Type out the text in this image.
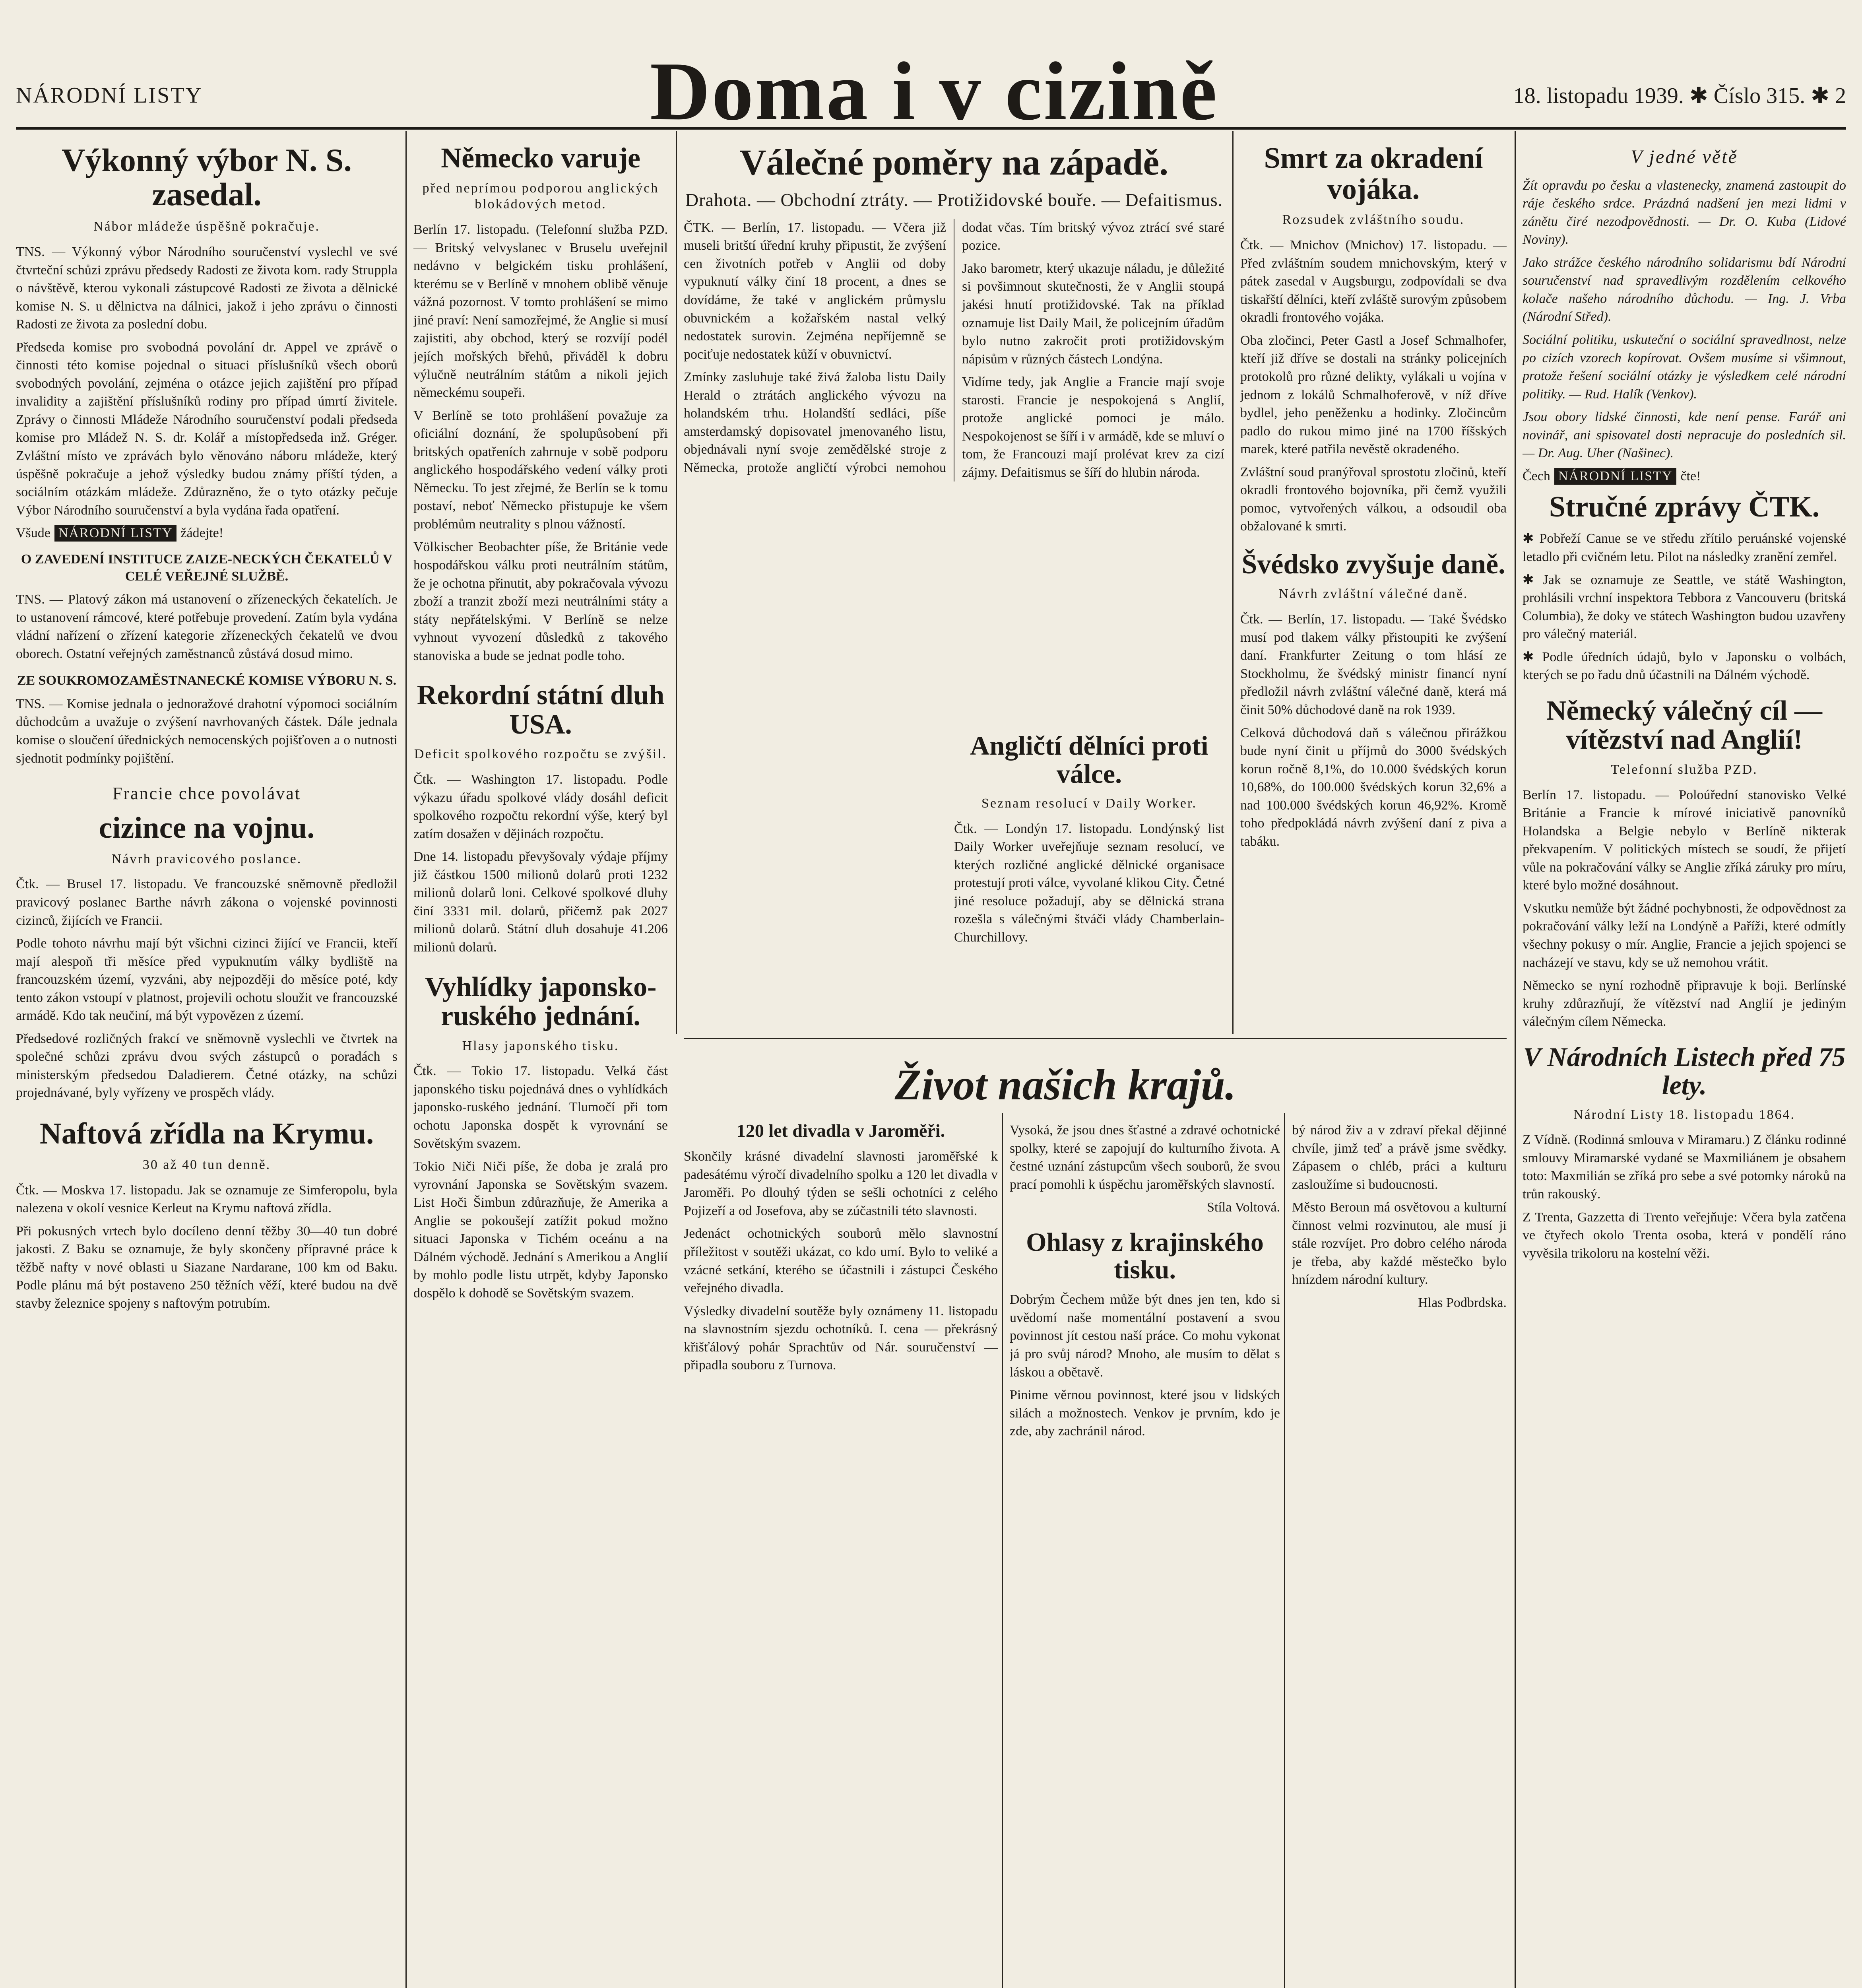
NÁRODNÍ LISTY	Doma i v cizině	18. listopadu 1939. ✱ Číslo 315. ✱ 2
Výkonný výbor N. S. zasedal.
Nábor mládeže úspěšně pokračuje.

TNS. — Výkonný výbor Národního souručenství vyslechl ve své čtvrteční schůzi zprávu předsedy Radosti ze života kom. rady Struppla o návštěvě, kterou vykonali zástupcové Radosti ze života a dělnické komise N. S. u dělnictva na dálnici, jakož i jeho zprávu o činnosti Radosti ze života za poslední dobu.

Předseda komise pro svobodná povolání dr. Appel ve zprávě o činnosti této komise pojednal o situaci příslušníků všech oborů svobodných povolání, zejména o otázce jejich zajištění pro případ invalidity a zajištění příslušníků rodiny pro případ úmrtí živitele. Zprávy o činnosti Mládeže Národního souručenství podali předseda komise pro Mládež N. S. dr. Kolář a místopředseda inž. Gréger. Zvláštní místo ve zprávách bylo věnováno náboru mládeže, který úspěšně pokračuje a jehož výsledky budou známy příští týden, a sociálním otázkám mládeže. Zdůrazněno, že o tyto otázky pečuje Výbor Národního souručenství a byla vydána řada opatření.

Všude NÁRODNÍ LISTY žádejte!
O ZAVEDENÍ INSTITUCE ZAIZE-NECKÝCH ČEKATELŮ V CELÉ VEŘEJNÉ SLUŽBĚ.

TNS. — Platový zákon má ustanovení o zřízeneckých čekatelích. Je to ustanovení rámcové, které potřebuje provedení. Zatím byla vydána vládní nařízení o zřízení kategorie zřízeneckých čekatelů ve dvou oborech. Ostatní veřejných zaměstnanců zůstává dosud mimo.

ZE SOUKROMOZAMĚSTNANECKÉ KOMISE VÝBORU N. S.

TNS. — Komise jednala o jednoražové drahotní výpomoci sociálním důchodcům a uvažuje o zvýšení navrhovaných částek. Dále jednala komise o sloučení úřednických nemocenských pojišťoven a o nutnosti sjednotit podmínky pojištění.

Francie chce povolávat
cizince na vojnu.
Návrh pravicového poslance.

Čtk. — Brusel 17. listopadu. Ve francouzské sněmovně předložil pravicový poslanec Barthe návrh zákona o vojenské povinnosti cizinců, žijících ve Francii.

Podle tohoto návrhu mají být všichni cizinci žijící ve Francii, kteří mají alespoň tři měsíce před vypuknutím války bydliště na francouzském území, vyzváni, aby nejpozději do měsíce poté, kdy tento zákon vstoupí v platnost, projevili ochotu sloužit ve francouzské armádě. Kdo tak neučiní, má být vypovězen z území.

Předsedové rozličných frakcí ve sněmovně vyslechli ve čtvrtek na společné schůzi zprávu dvou svých zástupců o poradách s ministerským předsedou Daladierem. Četné otázky, na schůzi projednávané, byly vyřízeny ve prospěch vlády.

Naftová zřídla na Krymu.
30 až 40 tun denně.

Čtk. — Moskva 17. listopadu. Jak se oznamuje ze Simferopolu, byla nalezena v okolí vesnice Kerleut na Krymu naftová zřídla.

Při pokusných vrtech bylo docíleno denní těžby 30—40 tun dobré jakosti. Z Baku se oznamuje, že byly skončeny přípravné práce k těžbě nafty v nové oblasti u Siazane Nardarane, 100 km od Baku. Podle plánu má být postaveno 250 těžních věží, které budou na dvě stavby železnice spojeny s naftovým potrubím.

Německo varuje
před neprímou podporou anglických blokádových metod.

Berlín 17. listopadu. (Telefonní služba PZD. — Britský velvyslanec v Bruselu uveřejnil nedávno v belgickém tisku prohlášení, kterému se v Berlíně v mnohem oblibě věnuje vážná pozornost. V tomto prohlášení se mimo jiné praví: Není samozřejmé, že Anglie si musí zajistiti, aby obchod, který se rozvíjí podél jejích mořských břehů, přiváděl k dobru výlučně neutrálním státům a nikoli jejich německému soupeři.

V Berlíně se toto prohlášení považuje za oficiální doznání, že spolupůsobení při britských opatřeních zahrnuje v sobě podporu anglického hospodářského vedení války proti Německu. To jest zřejmé, že Berlín se k tomu postaví, neboť Německo přistupuje ke všem problémům neutrality s plnou vážností.

Völkischer Beobachter píše, že Británie vede hospodářskou válku proti neutrálním státům, že je ochotna přinutit, aby pokračovala vývozu zboží a tranzit zboží mezi neutrálními státy a státy nepřátelskými. V Berlíně se nelze vyhnout vyvození důsledků z takového stanoviska a bude se jednat podle toho.

Rekordní státní dluh USA.
Deficit spolkového rozpočtu se zvýšil.

Čtk. — Washington 17. listopadu. Podle výkazu úřadu spolkové vlády dosáhl deficit spolkového rozpočtu rekordní výše, který byl zatím dosažen v dějinách rozpočtu.

Dne 14. listopadu převyšovaly výdaje příjmy již částkou 1500 milionů dolarů proti 1232 milionů dolarů loni. Celkové spolkové dluhy činí 3331 mil. dolarů, přičemž pak 2027 milionů dolarů. Státní dluh dosahuje 41.206 milionů dolarů.

Vyhlídky japonsko-ruského jednání.
Hlasy japonského tisku.

Čtk. — Tokio 17. listopadu. Velká část japonského tisku pojednává dnes o vyhlídkách japonsko-ruského jednání. Tlumočí při tom ochotu Japonska dospět k vyrovnání se Sovětským svazem.

Tokio Niči Niči píše, že doba je zralá pro vyrovnání Japonska se Sovětským svazem. List Hoči Šimbun zdůrazňuje, že Amerika a Anglie se pokoušejí zatížit pokud možno situaci Japonska v Tichém oceánu a na Dálném východě. Jednání s Amerikou a Anglií by mohlo podle listu utrpět, kdyby Japonsko dospělo k dohodě se Sovětským svazem.

Válečné poměry na západě.
Drahota. — Obchodní ztráty. — Protižidovské bouře. — Defaitismus.

ČTK. — Berlín, 17. listopadu. — Včera již museli britští úřední kruhy připustit, že zvýšení cen životních potřeb v Anglii od doby vypuknutí války činí 18 procent, a dnes se dovídáme, že také v anglickém průmyslu obuvnickém a kožařském nastal velký nedostatek surovin. Zejména nepříjemně se pociťuje nedostatek kůží v obuvnictví.

Zmínky zasluhuje také živá žaloba listu Daily Herald o ztrátách anglického vývozu na holandském trhu. Holandští sedláci, píše amsterdamský dopisovatel jmenovaného listu, objednávali nyní svoje zemědělské stroje z Německa, protože angličtí výrobci nemohou dodat včas. Tím britský vývoz ztrácí své staré pozice.

Jako barometr, který ukazuje náladu, je důležité si povšimnout skutečnosti, že v Anglii stoupá jakési hnutí protižidovské. Tak na příklad oznamuje list Daily Mail, že policejním úřadům bylo nutno zakročit proti protižidovským nápisům v různých částech Londýna.

Vidíme tedy, jak Anglie a Francie mají svoje starosti. Francie je nespokojená s Anglií, protože anglické pomoci je málo. Nespokojenost se šíří i v armádě, kde se mluví o tom, že Francouzi mají prolévat krev za cizí zájmy. Defaitismus se šíří do hlubin národa.

Angličtí dělníci proti válce.
Seznam resolucí v Daily Worker.

Čtk. — Londýn 17. listopadu. Londýnský list Daily Worker uveřejňuje seznam resolucí, ve kterých rozličné anglické dělnické organisace protestují proti válce, vyvolané klikou City. Četné jiné resoluce požadují, aby se dělnická strana rozešla s válečnými štváči vlády Chamberlain-Churchillovy.

Smrt za okradení vojáka.
Rozsudek zvláštního soudu.

Čtk. — Mnichov (Mnichov) 17. listopadu. — Před zvláštním soudem mnichovským, který v pátek zasedal v Augsburgu, zodpovídali se dva tiskařští dělníci, kteří zvláště surovým způsobem okradli frontového vojáka.

Oba zločinci, Peter Gastl a Josef Schmalhofer, kteří již dříve se dostali na stránky policejních protokolů pro různé delikty, vylákali u vojína v jednom z lokálů Schmalhoferově, v níž dříve bydlel, jeho peněženku a hodinky. Zločincům padlo do rukou mimo jiné na 1700 říšských marek, které patřila nevěstě okradeného.

Zvláštní soud pranýřoval sprostotu zločinů, kteří okradli frontového bojovníka, při čemž využili pomoc, vytvořených válkou, a odsoudil oba obžalované k smrti.

Švédsko zvyšuje daně.
Návrh zvláštní válečné daně.

Čtk. — Berlín, 17. listopadu. — Také Švédsko musí pod tlakem války přistoupiti ke zvýšení daní. Frankfurter Zeitung o tom hlásí ze Stockholmu, že švédský ministr financí nyní předložil návrh zvláštní válečné daně, která má činit 50% důchodové daně na rok 1939.

Celková důchodová daň s válečnou přirážkou bude nyní činit u příjmů do 3000 švédských korun ročně 8,1%, do 10.000 švédských korun 10,68%, do 100.000 švédských korun 32,6% a nad 100.000 švédských korun 46,92%. Kromě toho předpokládá návrh zvýšení daní z piva a tabáku.

Život našich krajů.
120 let divadla v Jaroměři.

Skončily krásné divadelní slavnosti jaroměřské k padesátému výročí divadelního spolku a 120 let divadla v Jaroměři. Po dlouhý týden se sešli ochotníci z celého Pojizeří a od Josefova, aby se zúčastnili této slavnosti.

Jedenáct ochotnických souborů mělo slavnostní příležitost v soutěži ukázat, co kdo umí. Bylo to veliké a vzácné setkání, kterého se účastnili i zástupci Českého veřejného divadla.

Výsledky divadelní soutěže byly oznámeny 11. listopadu na slavnostním sjezdu ochotníků. I. cena — překrásný křišťálový pohár Sprachtův od Nár. souručenství — připadla souboru z Turnova.

Vysoká, že jsou dnes šťastné a zdravé ochotnické spolky, které se zapojují do kulturního života. A čestné uznání zástupcům všech souborů, že svou prací pomohli k úspěchu jaroměřských slavností.

Stíla Voltová.

Ohlasy z krajinského tisku.

Dobrým Čechem může být dnes jen ten, kdo si uvědomí naše momentální postavení a svou povinnost jít cestou naší práce. Co mohu vykonat já pro svůj národ? Mnoho, ale musím to dělat s láskou a obětavě.

Pinime věrnou povinnost, které jsou v lidských silách a možnostech. Venkov je prvním, kdo je zde, aby zachránil národ.

bý národ živ a v zdraví překal dějinné chvíle, jimž teď a právě jsme svědky. Zápasem o chléb, práci a kulturu zasloužíme si budoucnosti.

Město Beroun má osvětovou a kulturní činnost velmi rozvinutou, ale musí ji stále rozvíjet. Pro dobro celého národa je třeba, aby každé městečko bylo hnízdem národní kultury.

Hlas Podbrdska.

V jedné větě

Žít opravdu po česku a vlastenecky, znamená zastoupit do ráje českého srdce. Prázdná nadšení jen mezi lidmi v zánětu čiré nezodpovědnosti. — Dr. O. Kuba (Lidové Noviny).

Jako strážce českého národního solidarismu bdí Národní souručenství nad spravedlivým rozdělením celkového kolače našeho národního důchodu. — Ing. J. Vrba (Národní Střed).

Sociální politiku, uskuteční o sociální spravedlnost, nelze po cizích vzorech kopírovat. Ovšem musíme si všimnout, protože řešení sociální otázky je výsledkem celé národní politiky. — Rud. Halík (Venkov).

Jsou obory lidské činnosti, kde není pense. Farář ani novinář, ani spisovatel dosti nepracuje do posledních sil. — Dr. Aug. Uher (Našinec).

Čech NÁRODNÍ LISTY čte!
Stručné zprávy ČTK.

✱ Pobřeží Canue se ve středu zřítilo peruánské vojenské letadlo při cvičném letu. Pilot na následky zranění zemřel.

✱ Jak se oznamuje ze Seattle, ve státě Washington, prohlásili vrchní inspektora Tebbora z Vancouveru (britská Columbia), že doky ve státech Washington budou uzavřeny pro válečný materiál.

✱ Podle úředních údajů, bylo v Japonsku o volbách, kterých se po řadu dnů účastnili na Dálném východě.

Německý válečný cíl — vítězství nad Anglií!
Telefonní služba PZD.

Berlín 17. listopadu. — Poloúřední stanovisko Velké Británie a Francie k mírové iniciativě panovníků Holandska a Belgie nebylo v Berlíně nikterak překvapením. V politických místech se soudí, že přijetí vůle na pokračování války se Anglie zříká záruky pro míru, které bylo možné dosáhnout.

Vskutku nemůže být žádné pochybnosti, že odpovědnost za pokračování války leží na Londýně a Paříži, které odmítly všechny pokusy o mír. Anglie, Francie a jejich spojenci se nacházejí ve stavu, kdy se už nemohou vrátit.

Německo se nyní rozhodně připravuje k boji. Berlínské kruhy zdůrazňují, že vítězství nad Anglií je jediným válečným cílem Německa.

V Národních Listech před 75 lety.
Národní Listy 18. listopadu 1864.

Z Vídně. (Rodinná smlouva v Miramaru.) Z článku rodinné smlouvy Miramarské vydané se Maxmiliánem je obsahem toto: Maxmilián se zříká pro sebe a své potomky nároků na trůn rakouský.

Z Trenta, Gazzetta di Trento veřejňuje: Včera byla zatčena ve čtyřech okolo Trenta osoba, která v pondělí ráno vyvěsila trikoloru na kostelní věži.
